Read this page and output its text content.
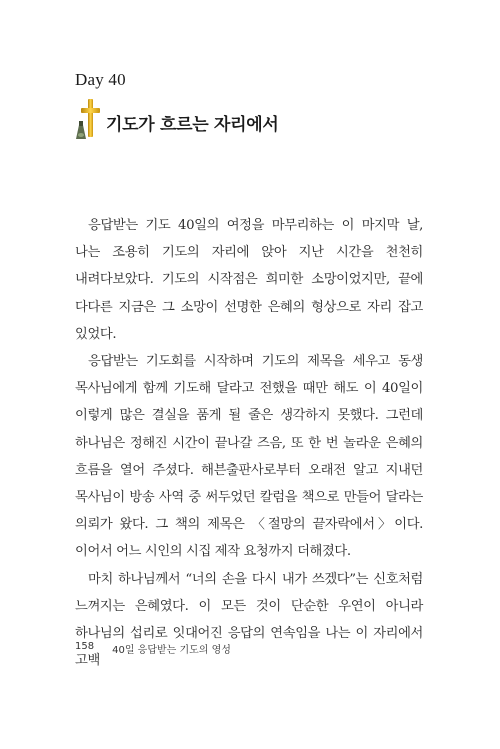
Day 40
기도가 흐르는 자리에서

응답받는 기도 40일의 여정을 마무리하는 이 마지막 날, 나는 조용히 기도의 자리에 앉아 지난 시간을 천천히 내려다보았다. 기도의 시작점은 희미한 소망이었지만, 끝에 다다른 지금은 그 소망이 선명한 은혜의 형상으로 자리 잡고 있었다.

응답받는 기도회를 시작하며 기도의 제목을 세우고 동생 목사님에게 함께 기도해 달라고 전했을 때만 해도 이 40일이 이렇게 많은 결실을 품게 될 줄은 생각하지 못했다. 그런데 하나님은 정해진 시간이 끝나갈 즈음, 또 한 번 놀라운 은혜의 흐름을 열어 주셨다. 해븐출판사로부터 오래전 알고 지내던 목사님이 방송 사역 중 써두었던 칼럼을 책으로 만들어 달라는 의뢰가 왔다. 그 책의 제목은 〈절망의 끝자락에서〉이다. 이어서 어느 시인의 시집 제작 요청까지 더해졌다.

마치 하나님께서 “너의 손을 다시 내가 쓰겠다”는 신호처럼 느껴지는 은혜였다. 이 모든 것이 단순한 우연이 아니라 하나님의 섭리로 잇대어진 응답의 연속임을 나는 이 자리에서 고백

158 40일 응답받는 기도의 영성
